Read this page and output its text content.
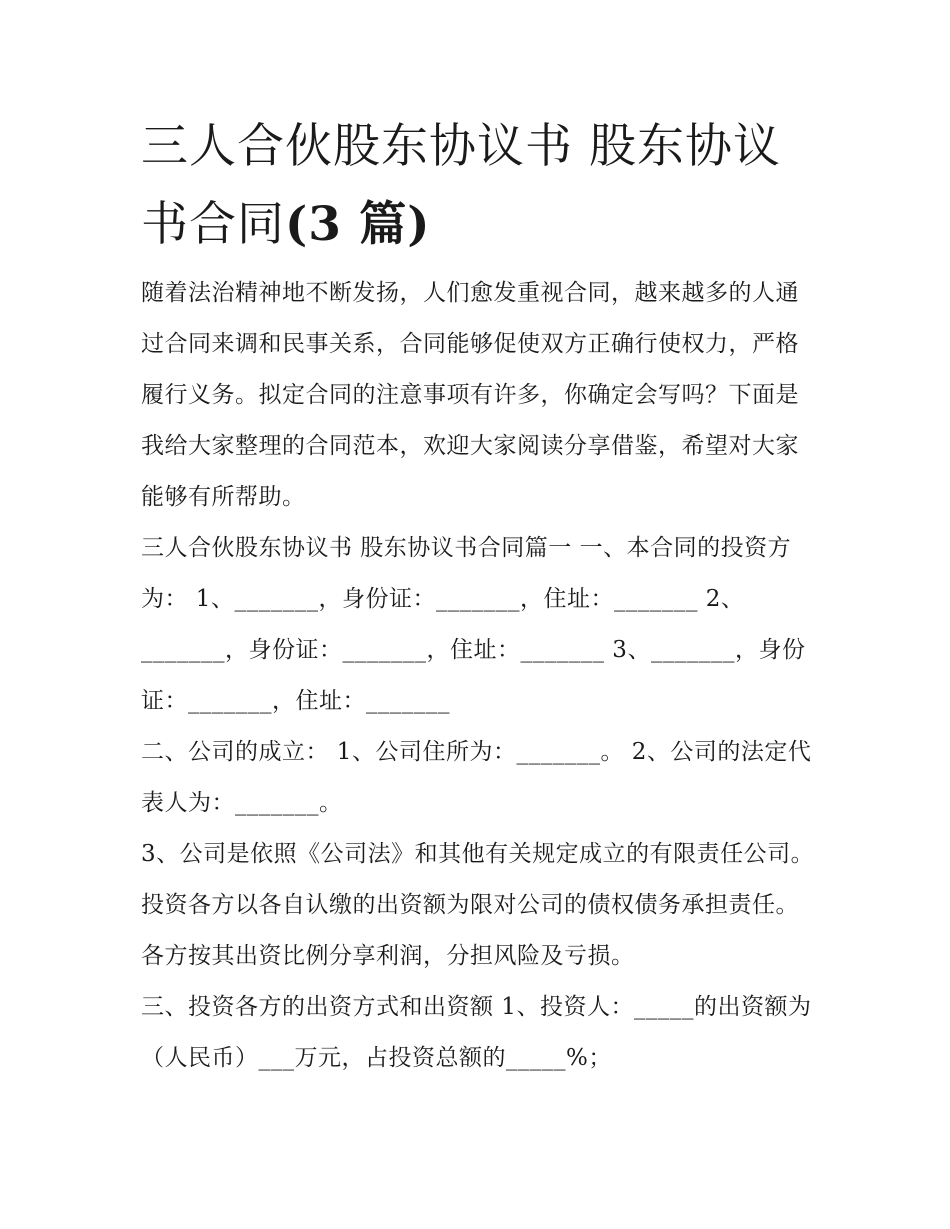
三人合伙股东协议书 股东协议书合同(3 篇)

随着法治精神地不断发扬，人们愈发重视合同，越来越多的人通过合同来调和民事关系，合同能够促使双方正确行使权力，严格履行义务。拟定合同的注意事项有许多，你确定会写吗？下面是我给大家整理的合同范本，欢迎大家阅读分享借鉴，希望对大家能够有所帮助。

三人合伙股东协议书 股东协议书合同篇一 一、本合同的投资方为： 1、_______，身份证：_______，住址：_______ 2、_______，身份证：_______，住址：_______ 3、_______，身份证：_______，住址：_______

二、公司的成立： 1、公司住所为：_______。 2、公司的法定代表人为：_______。

3、公司是依照《公司法》和其他有关规定成立的有限责任公司。投资各方以各自认缴的出资额为限对公司的债权债务承担责任。各方按其出资比例分享利润，分担风险及亏损。

三、投资各方的出资方式和出资额 1、投资人：_____的出资额为（人民币）___万元，占投资总额的_____%；
